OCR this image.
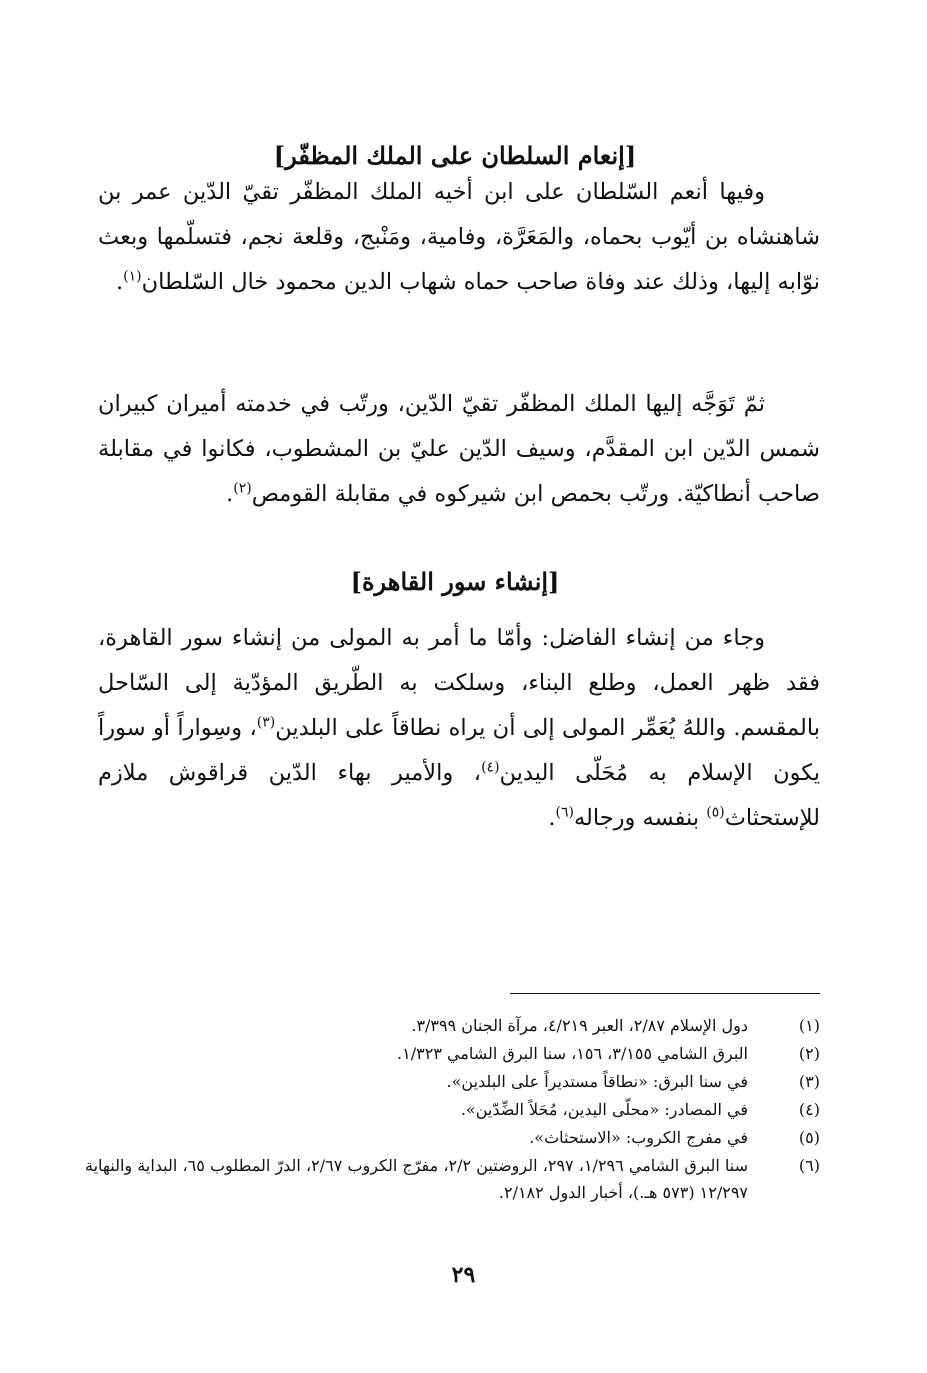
[إنعام السلطان على الملك المظفّر]

وفيها أنعم السّلطان على ابن أخيه الملك المظفّر تقيّ الدّين عمر بن شاهنشاه بن أيّوب بحماه، والمَعَرَّة، وفامية، ومَنْبج، وقلعة نجم، فتسلّمها وبعث نوّابه إليها، وذلك عند وفاة صاحب حماه شهاب الدين محمود خال السّلطان$^{(١)}$.

ثمّ تَوَجَّه إليها الملك المظفّر تقيّ الدّين، ورتّب في خدمته أميران كبيران شمس الدّين ابن المقدَّم، وسيف الدّين عليّ بن المشطوب، فكانوا في مقابلة صاحب أنطاكيّة. ورتّب بحمص ابن شيركوه في مقابلة القومص$^{(٢)}$.

[إنشاء سور القاهرة]

وجاء من إنشاء الفاضل: وأمّا ما أمر به المولى من إنشاء سور القاهرة، فقد ظهر العمل، وطلع البناء، وسلكت به الطّريق المؤدّية إلى السّاحل بالمقسم. واللهُ يُعَمِّر المولى إلى أن يراه نطاقاً على البلدين$^{(٣)}$، وسِواراً أو سوراً يكون الإسلام به مُحَلّى اليدين$^{(٤)}$، والأمير بهاء الدّين قراقوش ملازم للإستحثاث$^{(٥)}$ بنفسه ورجاله$^{(٦)}$.

(١)
دول الإسلام ٢/٨٧، العبر ٤/٢١٩، مرآة الجنان ٣/٣٩٩.
(٢)
البرق الشامي ٣/١٥٥، ١٥٦، سنا البرق الشامي ١/٣٢٣.
(٣)
في سنا البرق: «نطاقاً مستديراً على البلدين».
(٤)
في المصادر: «محلّى اليدين، مُحَلاً الضِّدّين».
(٥)
في مفرج الكروب: «الاستحثاث».
(٦)
سنا البرق الشامي ١/٢٩٦، ٢٩٧، الروضتين ٢/٢، مفرّج الكروب ٢/٦٧، الدرّ المطلوب ٦٥، البداية والنهاية ١٢/٢٩٧ (٥٧٣ هـ.)، أخبار الدول ٢/١٨٢.
٢٩
